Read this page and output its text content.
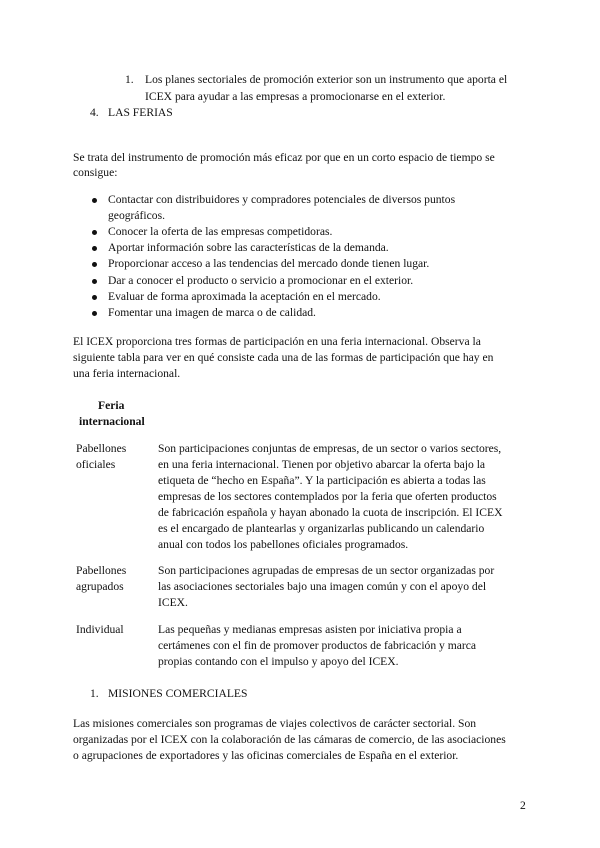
1. Los planes sectoriales de promoción exterior son un instrumento que aporta el
ICEX para ayudar a las empresas a promocionarse en el exterior.
4. LAS FERIAS
Se trata del instrumento de promoción más eficaz por que en un corto espacio de tiempo se
consigue:
Contactar con distribuidores y compradores potenciales de diversos puntos
geográficos.
Conocer la oferta de las empresas competidoras.
Aportar información sobre las características de la demanda.
Proporcionar acceso a las tendencias del mercado donde tienen lugar.
Dar a conocer el producto o servicio a promocionar en el exterior.
Evaluar de forma aproximada la aceptación en el mercado.
Fomentar una imagen de marca o de calidad.
El ICEX proporciona tres formas de participación en una feria internacional. Observa la
siguiente tabla para ver en qué consiste cada una de las formas de participación que hay en
una feria internacional.
Feria
internacional
Pabellones
oficiales
Son participaciones conjuntas de empresas, de un sector o varios sectores,
en una feria internacional. Tienen por objetivo abarcar la oferta bajo la
etiqueta de “hecho en España”. Y la participación es abierta a todas las
empresas de los sectores contemplados por la feria que oferten productos
de fabricación española y hayan abonado la cuota de inscripción. El ICEX
es el encargado de plantearlas y organizarlas publicando un calendario
anual con todos los pabellones oficiales programados.
Pabellones
agrupados
Son participaciones agrupadas de empresas de un sector organizadas por
las asociaciones sectoriales bajo una imagen común y con el apoyo del
ICEX.
Individual	Las pequeñas y medianas empresas asisten por iniciativa propia a
certámenes con el fin de promover productos de fabricación y marca
propias contando con el impulso y apoyo del ICEX.
1. MISIONES COMERCIALES
Las misiones comerciales son programas de viajes colectivos de carácter sectorial. Son
organizadas por el ICEX con la colaboración de las cámaras de comercio, de las asociaciones
o agrupaciones de exportadores y las oficinas comerciales de España en el exterior.
2
